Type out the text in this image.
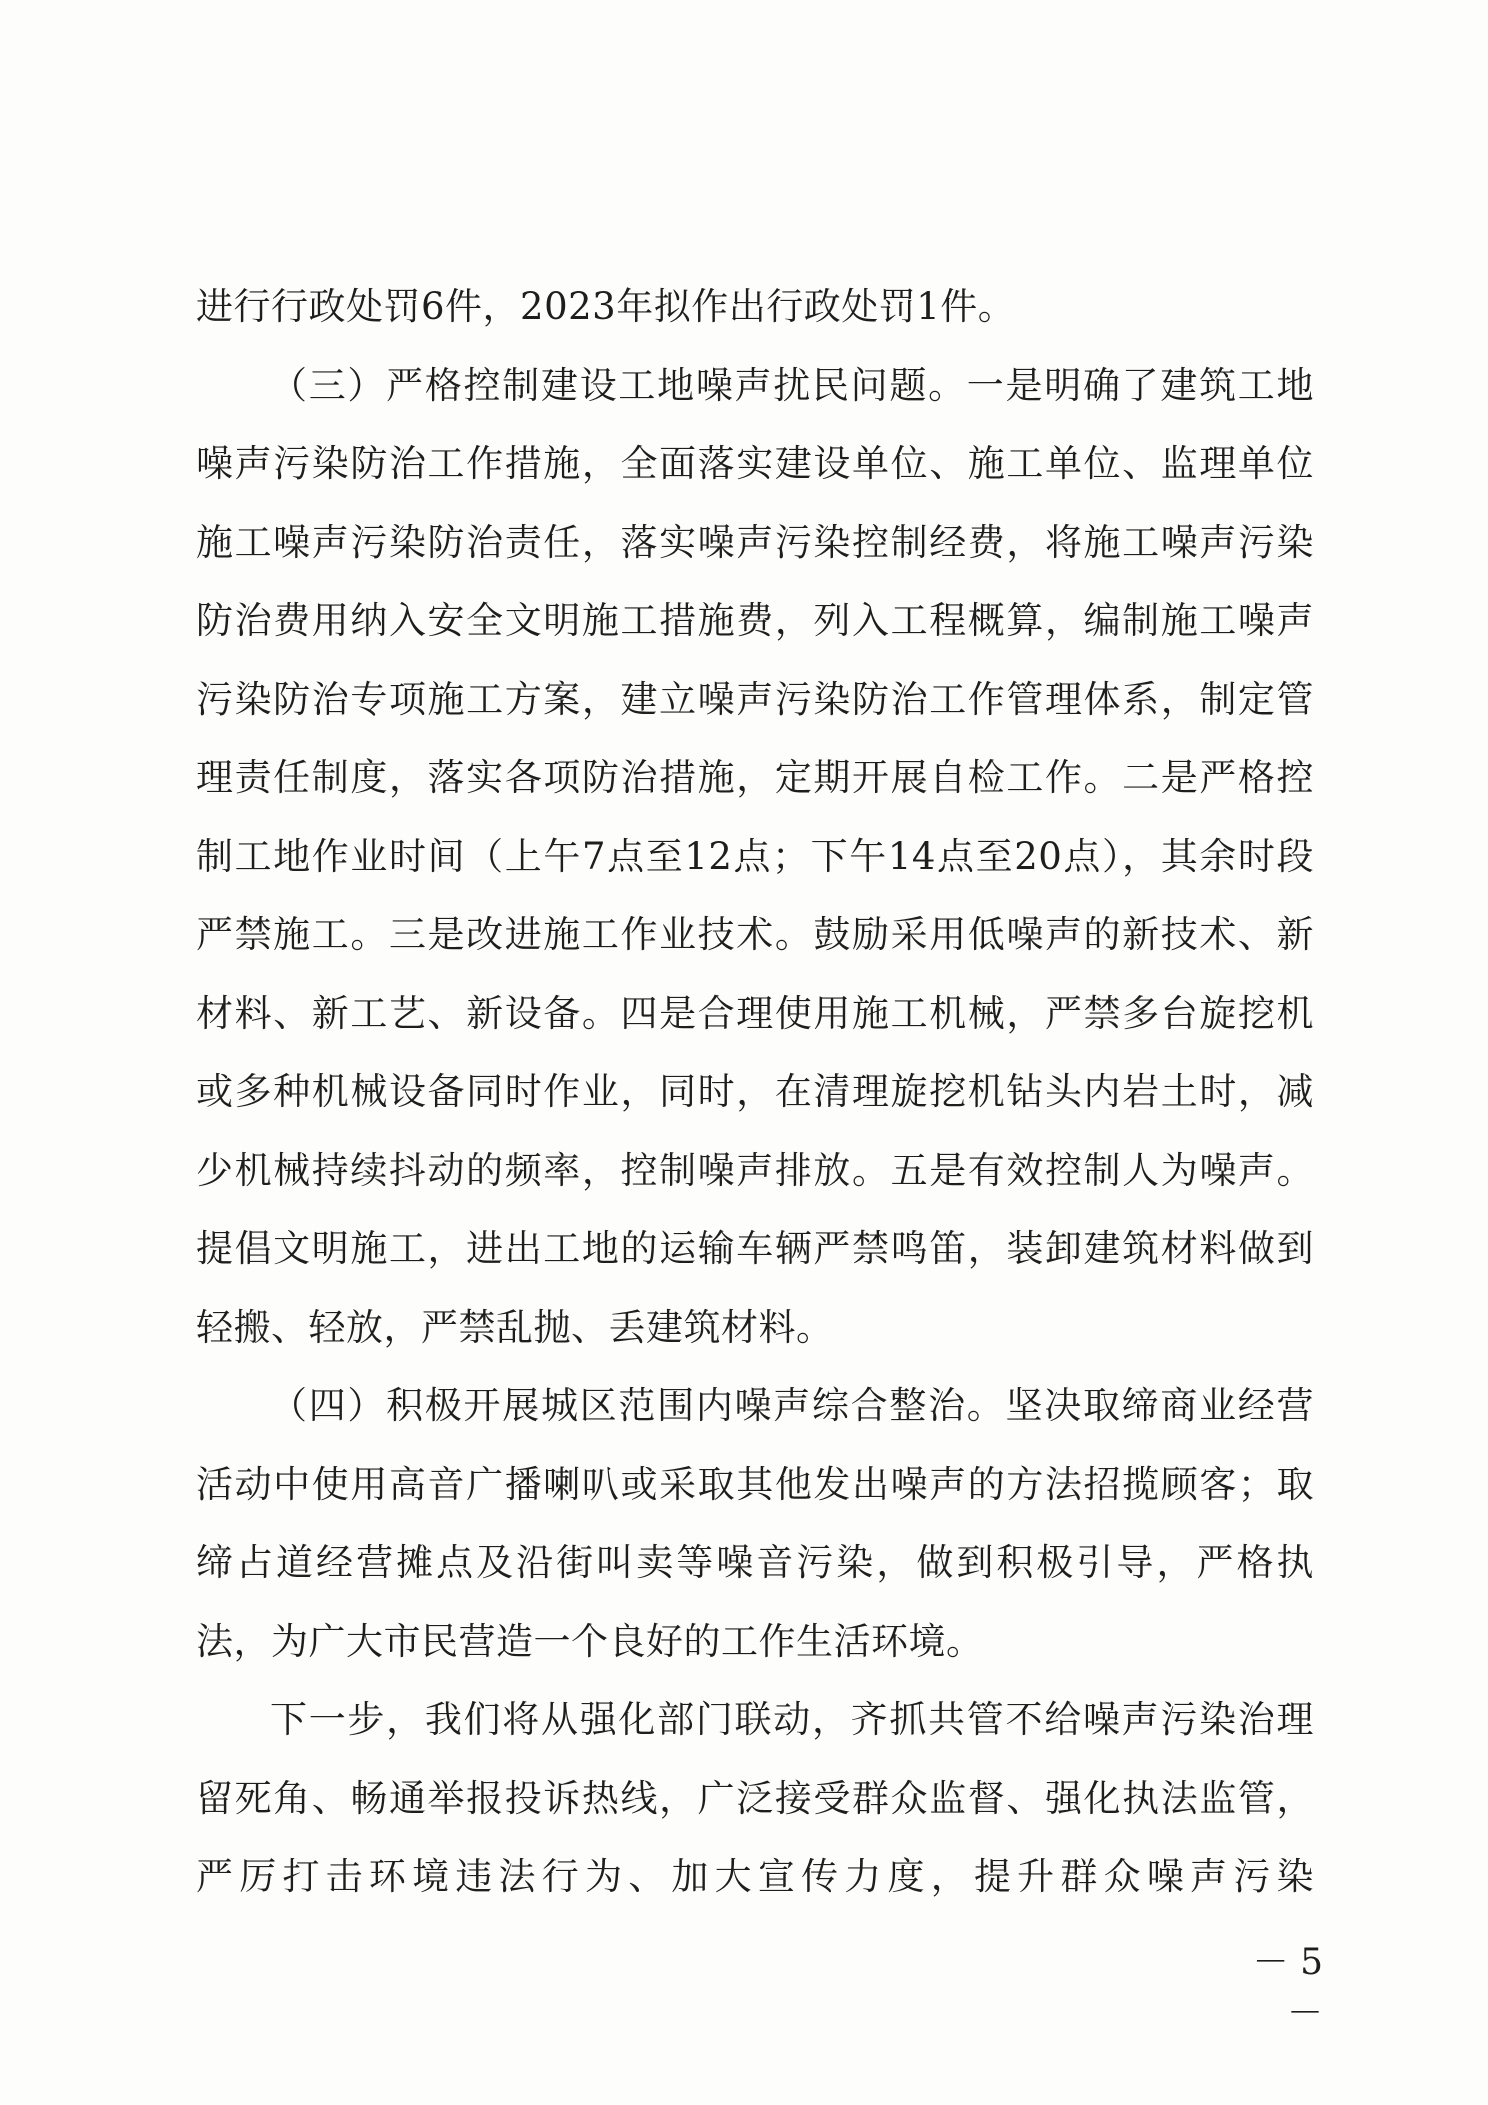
进行行政处罚6件，2023年拟作出行政处罚1件。

（三）严格控制建设工地噪声扰民问题。一是明确了建筑工地噪声污染防治工作措施，全面落实建设单位、施工单位、监理单位施工噪声污染防治责任，落实噪声污染控制经费，将施工噪声污染防治费用纳入安全文明施工措施费，列入工程概算，编制施工噪声污染防治专项施工方案，建立噪声污染防治工作管理体系，制定管理责任制度，落实各项防治措施，定期开展自检工作。二是严格控制工地作业时间（上午7点至12点；下午14点至20点），其余时段严禁施工。三是改进施工作业技术。鼓励采用低噪声的新技术、新材料、新工艺、新设备。四是合理使用施工机械，严禁多台旋挖机或多种机械设备同时作业，同时，在清理旋挖机钻头内岩土时，减少机械持续抖动的频率，控制噪声排放。五是有效控制人为噪声。提倡文明施工，进出工地的运输车辆严禁鸣笛，装卸建筑材料做到轻搬、轻放，严禁乱抛、丢建筑材料。

（四）积极开展城区范围内噪声综合整治。坚决取缔商业经营活动中使用高音广播喇叭或采取其他发出噪声的方法招揽顾客；取缔占道经营摊点及沿街叫卖等噪音污染，做到积极引导，严格执法，为广大市民营造一个良好的工作生活环境。

下一步，我们将从强化部门联动，齐抓共管不给噪声污染治理留死角、畅通举报投诉热线，广泛接受群众监督、强化执法监管，严厉打击环境违法行为、加大宣传力度，提升群众噪声污染

－ 5 －
